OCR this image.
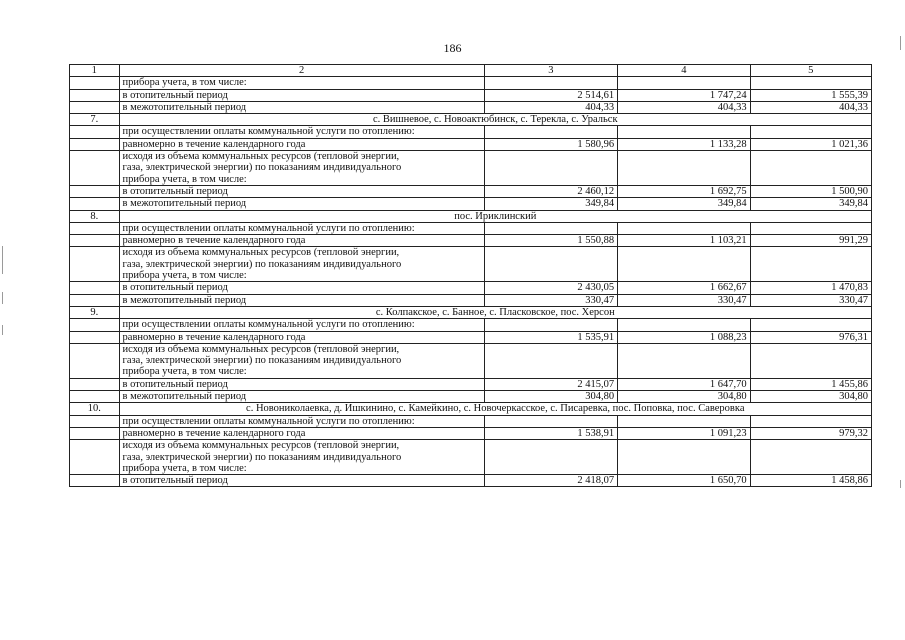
186
1	2	3	4	5
	прибора учета, в том числе:			
	в отопительный период	2 514,61	1 747,24	1 555,39
	в межотопительный период	404,33	404,33	404,33
7.	с. Вишневое, с. Новоактюбинск, с. Терекла, с. Уральск			
	при осуществлении оплаты коммунальной услуги по отоплению:			
	равномерно в течение календарного года	1 580,96	1 133,28	1 021,36
	исходя из объема коммунальных ресурсов (тепловой энергии,
газа, электрической энергии) по показаниям индивидуального
прибора учета, в том числе:			
	в отопительный период	2 460,12	1 692,75	1 500,90
	в межотопительный период	349,84	349,84	349,84
8.	пос. Ириклинский			
	при осуществлении оплаты коммунальной услуги по отоплению:			
	равномерно в течение календарного года	1 550,88	1 103,21	991,29
	исходя из объема коммунальных ресурсов (тепловой энергии,
газа, электрической энергии) по показаниям индивидуального
прибора учета, в том числе:			
	в отопительный период	2 430,05	1 662,67	1 470,83
	в межотопительный период	330,47	330,47	330,47
9.	с. Колпакское, с. Банное, с. Пласковское, пос. Херсон			
	при осуществлении оплаты коммунальной услуги по отоплению:			
	равномерно в течение календарного года	1 535,91	1 088,23	976,31
	исходя из объема коммунальных ресурсов (тепловой энергии,
газа, электрической энергии) по показаниям индивидуального
прибора учета, в том числе:			
	в отопительный период	2 415,07	1 647,70	1 455,86
	в межотопительный период	304,80	304,80	304,80
10.	с. Новониколаевка, д. Ишкинино, с. Камейкино, с. Новочеркасское, с. Писаревка, пос. Поповка, пос. Саверовка			
	при осуществлении оплаты коммунальной услуги по отоплению:			
	равномерно в течение календарного года	1 538,91	1 091,23	979,32
	исходя из объема коммунальных ресурсов (тепловой энергии,
газа, электрической энергии) по показаниям индивидуального
прибора учета, в том числе:			
	в отопительный период	2 418,07	1 650,70	1 458,86
